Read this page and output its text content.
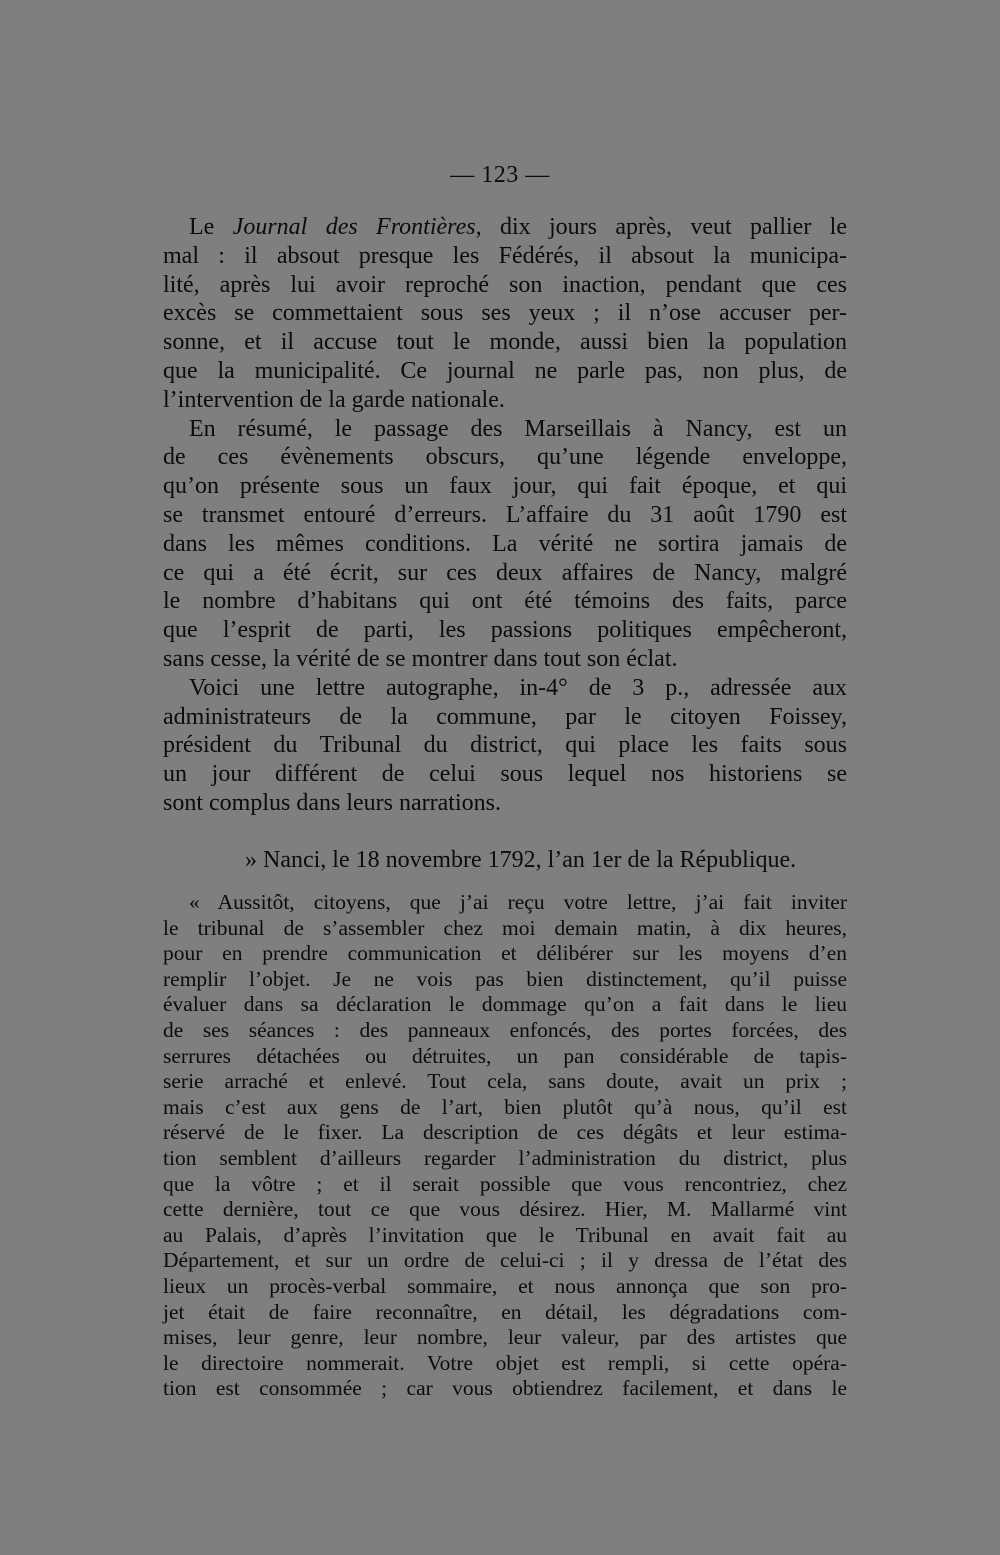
— 123 —
Le Journal des Frontières, dix jours après, veut pallier le
mal : il absout presque les Fédérés, il absout la municipa-
lité, après lui avoir reproché son inaction, pendant que ces
excès se commettaient sous ses yeux ; il n’ose accuser per-
sonne, et il accuse tout le monde, aussi bien la population
que la municipalité. Ce journal ne parle pas, non plus, de
l’intervention de la garde nationale.
En résumé, le passage des Marseillais à Nancy, est un
de ces évènements obscurs, qu’une légende enveloppe,
qu’on présente sous un faux jour, qui fait époque, et qui
se transmet entouré d’erreurs. L’affaire du 31 août 1790 est
dans les mêmes conditions. La vérité ne sortira jamais de
ce qui a été écrit, sur ces deux affaires de Nancy, malgré
le nombre d’habitans qui ont été témoins des faits, parce
que l’esprit de parti, les passions politiques empêcheront,
sans cesse, la vérité de se montrer dans tout son éclat.
Voici une lettre autographe, in-4° de 3 p., adressée aux
administrateurs de la commune, par le citoyen Foissey,
président du Tribunal du district, qui place les faits sous
un jour différent de celui sous lequel nos historiens se
sont complus dans leurs narrations.
» Nanci, le 18 novembre 1792, l’an 1er de la République.
« Aussitôt, citoyens, que j’ai reçu votre lettre, j’ai fait inviter
le tribunal de s’assembler chez moi demain matin, à dix heures,
pour en prendre communication et délibérer sur les moyens d’en
remplir l’objet. Je ne vois pas bien distinctement, qu’il puisse
évaluer dans sa déclaration le dommage qu’on a fait dans le lieu
de ses séances : des panneaux enfoncés, des portes forcées, des
serrures détachées ou détruites, un pan considérable de tapis-
serie arraché et enlevé. Tout cela, sans doute, avait un prix ;
mais c’est aux gens de l’art, bien plutôt qu’à nous, qu’il est
réservé de le fixer. La description de ces dégâts et leur estima-
tion semblent d’ailleurs regarder l’administration du district, plus
que la vôtre ; et il serait possible que vous rencontriez, chez
cette dernière, tout ce que vous désirez. Hier, M. Mallarmé vint
au Palais, d’après l’invitation que le Tribunal en avait fait au
Département, et sur un ordre de celui-ci ; il y dressa de l’état des
lieux un procès-verbal sommaire, et nous annonça que son pro-
jet était de faire reconnaître, en détail, les dégradations com-
mises, leur genre, leur nombre, leur valeur, par des artistes que
le directoire nommerait. Votre objet est rempli, si cette opéra-
tion est consommée ; car vous obtiendrez facilement, et dans le
